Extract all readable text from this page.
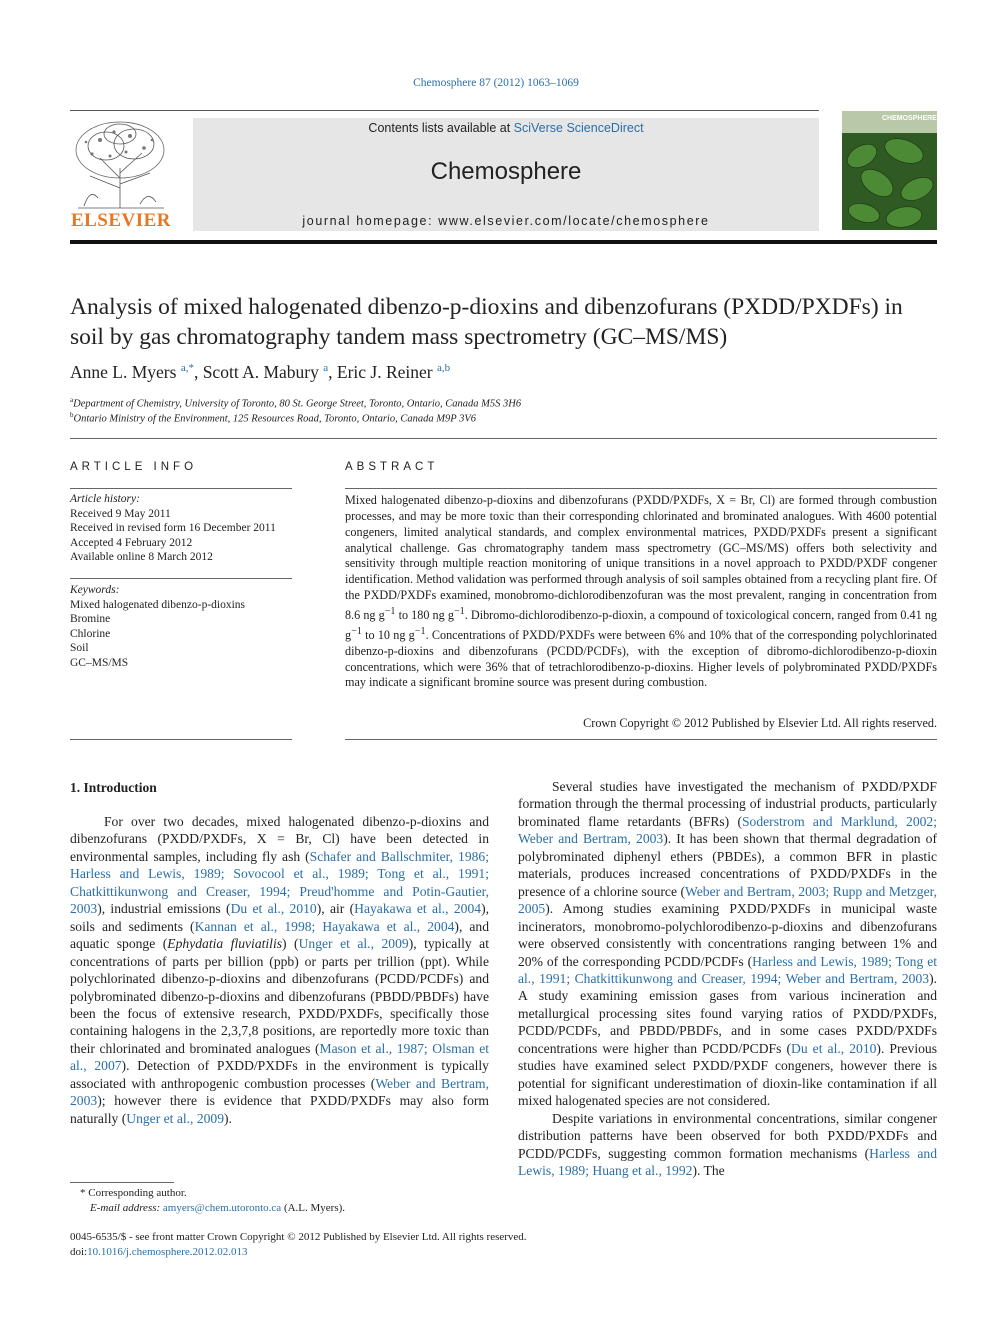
Chemosphere 87 (2012) 1063–1069
ELSEVIER
Contents lists available at SciVerse ScienceDirect
Chemosphere
journal homepage: www.elsevier.com/locate/chemosphere
CHEMOSPHERE
Analysis of mixed halogenated dibenzo-p-dioxins and dibenzofurans (PXDD/PXDFs) in soil by gas chromatography tandem mass spectrometry (GC–MS/MS)
Anne L. Myers $^{a,*}$, Scott A. Mabury $^a$, Eric J. Reiner $^{a,b}$
$^a$Department of Chemistry, University of Toronto, 80 St. George Street, Toronto, Ontario, Canada M5S 3H6
$^b$Ontario Ministry of the Environment, 125 Resources Road, Toronto, Ontario, Canada M9P 3V6
ARTICLE INFO
Article history:
Received 9 May 2011
Received in revised form 16 December 2011
Accepted 4 February 2012
Available online 8 March 2012
Keywords:
Mixed halogenated dibenzo-p-dioxins
Bromine
Chlorine
Soil
GC–MS/MS
ABSTRACT
Mixed halogenated dibenzo-p-dioxins and dibenzofurans (PXDD/PXDFs, X = Br, Cl) are formed through combustion processes, and may be more toxic than their corresponding chlorinated and brominated analogues. With 4600 potential congeners, limited analytical standards, and complex environmental matrices, PXDD/PXDFs present a significant analytical challenge. Gas chromatography tandem mass spectrometry (GC–MS/MS) offers both selectivity and sensitivity through multiple reaction monitoring of unique transitions in a novel approach to PXDD/PXDF congener identification. Method validation was performed through analysis of soil samples obtained from a recycling plant fire. Of the PXDD/PXDFs examined, monobromo-dichlorodibenzofuran was the most prevalent, ranging in concentration from 8.6 ng $g^{-1}$ to 180 ng $g^{-1}$. Dibromo-dichlorodibenzo-p-dioxin, a compound of toxicological concern, ranged from 0.41 ng $g^{-1}$ to 10 ng $g^{-1}$. Concentrations of PXDD/PXDFs were between 6% and 10% that of the corresponding polychlorinated dibenzo-p-dioxins and dibenzofurans (PCDD/PCDFs), with the exception of dibromo-dichlorodibenzo-p-dioxin concentrations, which were 36% that of tetrachlorodibenzo-p-dioxins. Higher levels of polybrominated PXDD/PXDFs may indicate a significant bromine source was present during combustion.
Crown Copyright © 2012 Published by Elsevier Ltd. All rights reserved.
1. Introduction

For over two decades, mixed halogenated dibenzo-p-dioxins and dibenzofurans (PXDD/PXDFs, X = Br, Cl) have been detected in environmental samples, including fly ash (Schafer and Ballschmiter, 1986; Harless and Lewis, 1989; Sovocool et al., 1989; Tong et al., 1991; Chatkittikunwong and Creaser, 1994; Preud'homme and Potin-Gautier, 2003), industrial emissions (Du et al., 2010), air (Hayakawa et al., 2004), soils and sediments (Kannan et al., 1998; Hayakawa et al., 2004), and aquatic sponge (Ephydatia fluviatilis) (Unger et al., 2009), typically at concentrations of parts per billion (ppb) or parts per trillion (ppt). While polychlorinated dibenzo-p-dioxins and dibenzofurans (PCDD/PCDFs) and polybrominated dibenzo-p-dioxins and dibenzofurans (PBDD/PBDFs) have been the focus of extensive research, PXDD/PXDFs, specifically those containing halogens in the 2,3,7,8 positions, are reportedly more toxic than their chlorinated and brominated analogues (Mason et al., 1987; Olsman et al., 2007). Detection of PXDD/PXDFs in the environment is typically associated with anthropogenic combustion processes (Weber and Bertram, 2003); however there is evidence that PXDD/PXDFs may also form naturally (Unger et al., 2009).

Several studies have investigated the mechanism of PXDD/PXDF formation through the thermal processing of industrial products, particularly brominated flame retardants (BFRs) (Soderstrom and Marklund, 2002; Weber and Bertram, 2003). It has been shown that thermal degradation of polybrominated diphenyl ethers (PBDEs), a common BFR in plastic materials, produces increased concentrations of PXDD/PXDFs in the presence of a chlorine source (Weber and Bertram, 2003; Rupp and Metzger, 2005). Among studies examining PXDD/PXDFs in municipal waste incinerators, monobromo-polychlorodibenzo-p-dioxins and dibenzofurans were observed consistently with concentrations ranging between 1% and 20% of the corresponding PCDD/PCDFs (Harless and Lewis, 1989; Tong et al., 1991; Chatkittikunwong and Creaser, 1994; Weber and Bertram, 2003). A study examining emission gases from various incineration and metallurgical processing sites found varying ratios of PXDD/PXDFs, PCDD/PCDFs, and PBDD/PBDFs, and in some cases PXDD/PXDFs concentrations were higher than PCDD/PCDFs (Du et al., 2010). Previous studies have examined select PXDD/PXDF congeners, however there is potential for significant underestimation of dioxin-like contamination if all mixed halogenated species are not considered.

Despite variations in environmental concentrations, similar congener distribution patterns have been observed for both PXDD/PXDFs and PCDD/PCDFs, suggesting common formation mechanisms (Harless and Lewis, 1989; Huang et al., 1992). The

* Corresponding author.
E-mail address: amyers@chem.utoronto.ca (A.L. Myers).
0045-6535/$ - see front matter Crown Copyright © 2012 Published by Elsevier Ltd. All rights reserved.
doi:10.1016/j.chemosphere.2012.02.013
